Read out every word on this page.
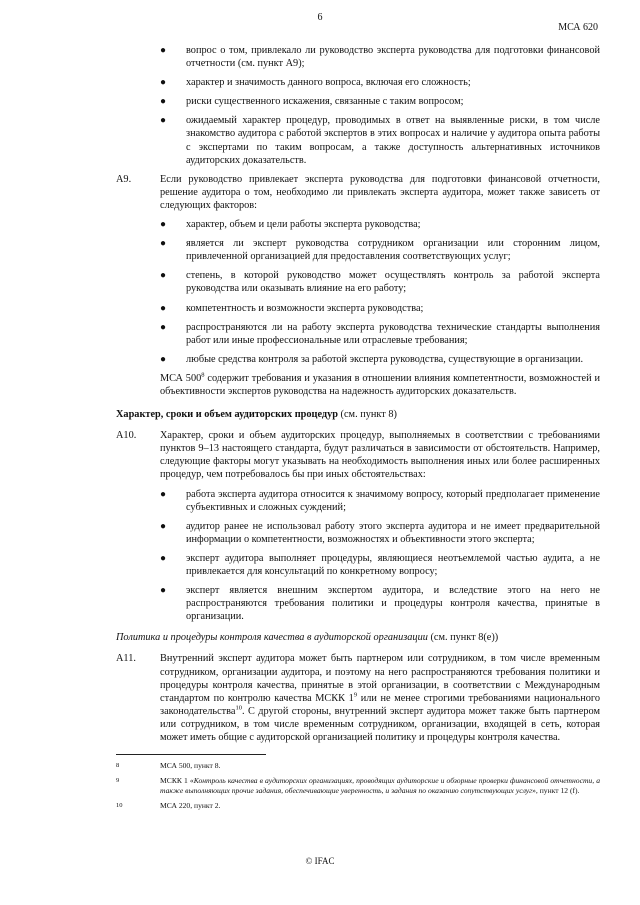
6
МСА 620
● вопрос о том, привлекало ли руководство эксперта руководства для подготовки финансовой отчетности (см. пункт А9);
● характер и значимость данного вопроса, включая его сложность;
● риски существенного искажения, связанные с таким вопросом;
● ожидаемый характер процедур, проводимых в ответ на выявленные риски, в том числе знакомство аудитора с работой экспертов в этих вопросах и наличие у аудитора опыта работы с экспертами по таким вопросам, а также доступность альтернативных источников аудиторских доказательств.
А9.	Если руководство привлекает эксперта руководства для подготовки финансовой отчетности, решение аудитора о том, необходимо ли привлекать эксперта аудитора, может также зависеть от следующих факторов:
● характер, объем и цели работы эксперта руководства;
● является ли эксперт руководства сотрудником организации или сторонним лицом, привлеченной организацией для предоставления соответствующих услуг;
● степень, в которой руководство может осуществлять контроль за работой эксперта руководства или оказывать влияние на его работу;
● компетентность и возможности эксперта руководства;
● распространяются ли на работу эксперта руководства технические стандарты выполнения работ или иные профессиональные или отраслевые требования;
● любые средства контроля за работой эксперта руководства, существующие в организации.
МСА $500^8$ содержит требования и указания в отношении влияния компетентности, возможностей и объективности экспертов руководства на надежность аудиторских доказательств.
Характер, сроки и объем аудиторских процедур (см. пункт 8)
А10. Характер, сроки и объем аудиторских процедур, выполняемых в соответствии с требованиями пунктов 9–13 настоящего стандарта, будут различаться в зависимости от обстоятельств. Например, следующие факторы могут указывать на необходимость выполнения иных или более расширенных процедур, чем потребовалось бы при иных обстоятельствах:
● работа эксперта аудитора относится к значимому вопросу, который предполагает применение субъективных и сложных суждений;
● аудитор ранее не использовал работу этого эксперта аудитора и не имеет предварительной информации о компетентности, возможностях и объективности этого эксперта;
● эксперт аудитора выполняет процедуры, являющиеся неотъемлемой частью аудита, а не привлекается для консультаций по конкретному вопросу;
● эксперт является внешним экспертом аудитора, и вследствие этого на него не распространяются требования политики и процедуры контроля качества, принятые в организации.
Политика и процедуры контроля качества в аудиторской организации (см. пункт 8(е))
А11. Внутренний эксперт аудитора может быть партнером или сотрудником, в том числе временным сотрудником, организации аудитора, и поэтому на него распространяются требования политики и процедуры контроля качества, принятые в этой организации, в соответствии с Международным стандартом по контролю качества МСКК $1^9$ или не менее строгими требованиями национального законодательства$^{10}$. С другой стороны, внутренний эксперт аудитора может также быть партнером или сотрудником, в том числе временным сотрудником, организации, входящей в сеть, которая может иметь общие с аудиторской организацией политику и процедуры контроля качества.
8	МСА 500, пункт 8.
9	МСКК 1 «Контроль качества в аудиторских организациях, проводящих аудиторские и обзорные проверки финансовой отчетности, а также выполняющих прочие задания, обеспечивающие уверенность, и задания по оказанию сопутствующих услуг», пункт 12 (f).
10	МСА 220, пункт 2.
© IFAC
